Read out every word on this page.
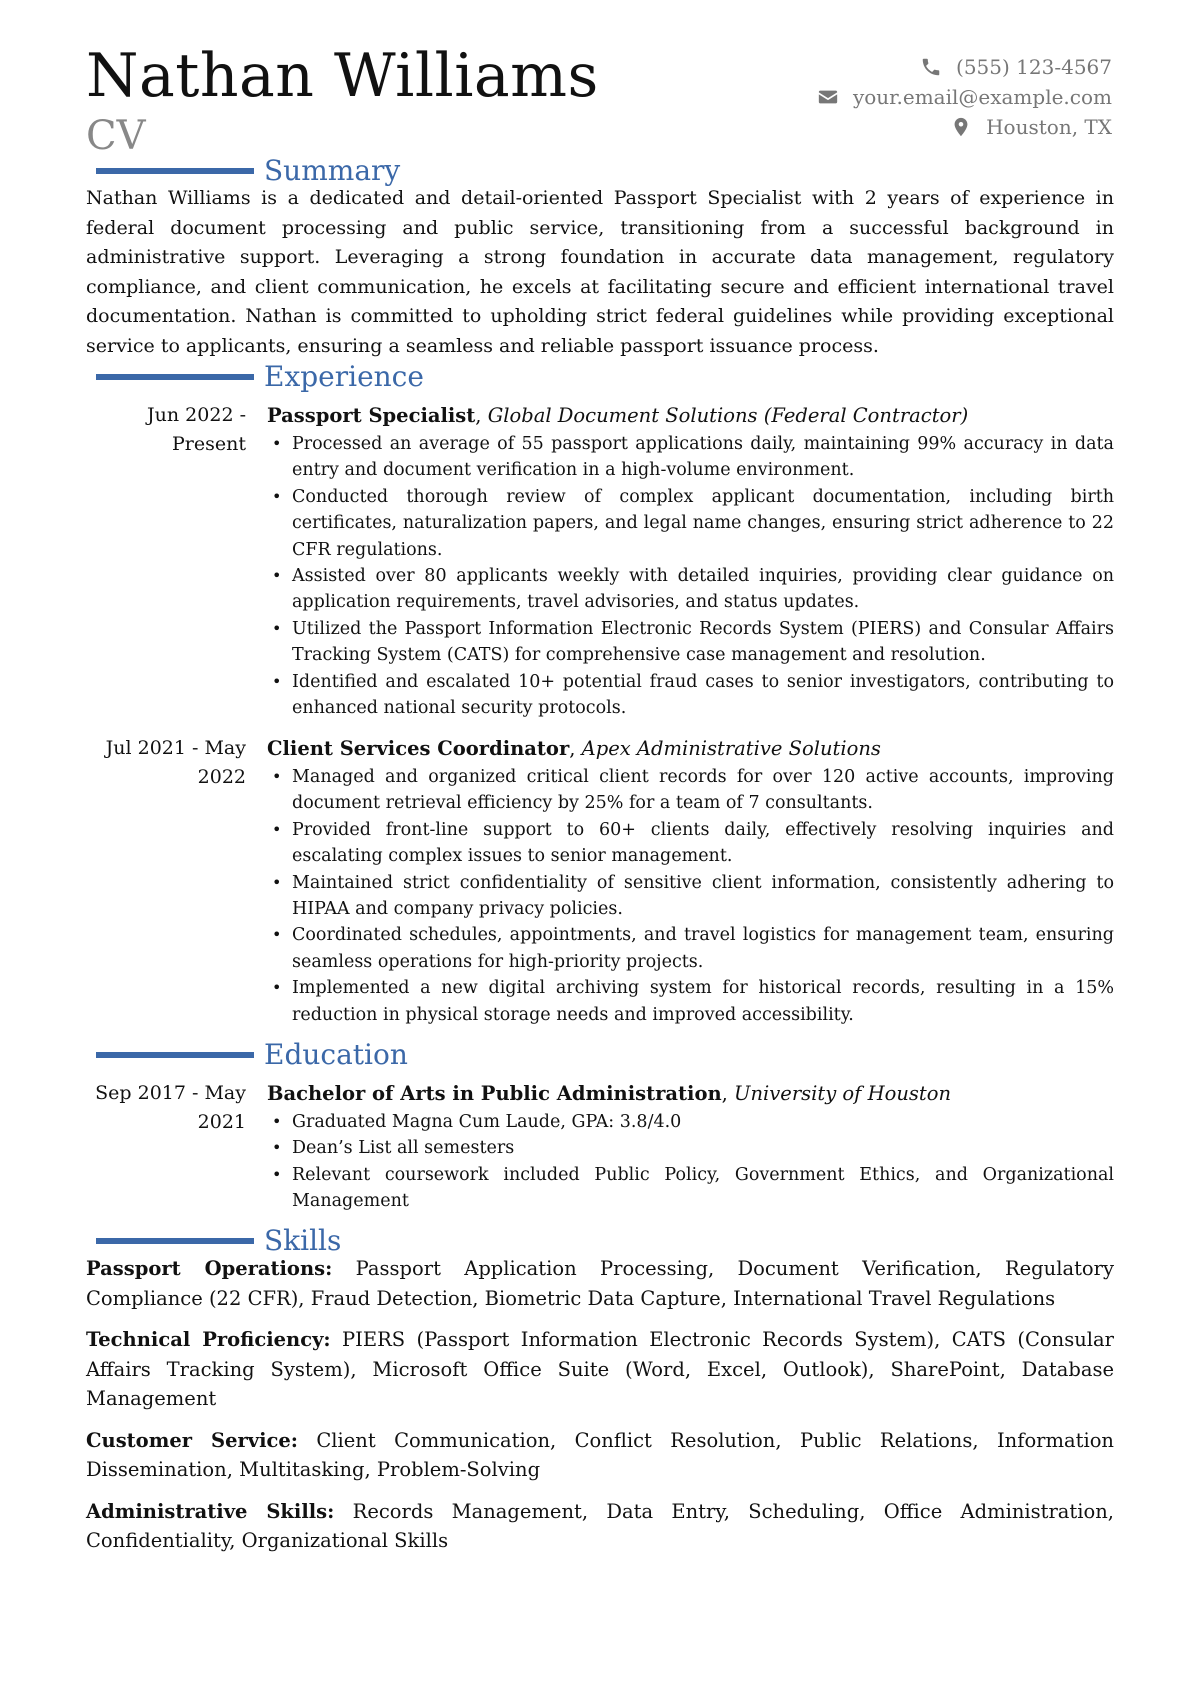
Nathan Williams
CV
(555) 123-4567
your.email@example.com
Houston, TX
Summary
Nathan Williams is a dedicated and detail-oriented Passport Specialist with 2 years of experience in federal document processing and public service, transitioning from a successful background in administrative support. Leveraging a strong foundation in accurate data management, regulatory compliance, and client communication, he excels at facilitating secure and efficient international travel documentation. Nathan is committed to upholding strict federal guidelines while providing exceptional service to applicants, ensuring a seamless and reliable passport issuance process.
Experience
Jun 2022 - Present
Passport Specialist, Global Document Solutions (Federal Contractor)
• Processed an average of 55 passport applications daily, maintaining 99% accuracy in data entry and document verification in a high-volume environment.
• Conducted thorough review of complex applicant documentation, including birth certificates, naturalization papers, and legal name changes, ensuring strict adherence to 22 CFR regulations.
• Assisted over 80 applicants weekly with detailed inquiries, providing clear guidance on application requirements, travel advisories, and status updates.
• Utilized the Passport Information Electronic Records System (PIERS) and Consular Affairs Tracking System (CATS) for comprehensive case management and resolution.
• Identified and escalated 10+ potential fraud cases to senior investigators, contributing to enhanced national security protocols.
Jul 2021 - May 2022
Client Services Coordinator, Apex Administrative Solutions
• Managed and organized critical client records for over 120 active accounts, improving document retrieval efficiency by 25% for a team of 7 consultants.
• Provided front-line support to 60+ clients daily, effectively resolving inquiries and escalating complex issues to senior management.
• Maintained strict confidentiality of sensitive client information, consistently adhering to HIPAA and company privacy policies.
• Coordinated schedules, appointments, and travel logistics for management team, ensuring seamless operations for high-priority projects.
• Implemented a new digital archiving system for historical records, resulting in a 15% reduction in physical storage needs and improved accessibility.
Education
Sep 2017 - May 2021
Bachelor of Arts in Public Administration, University of Houston
• Graduated Magna Cum Laude, GPA: 3.8/4.0
• Dean’s List all semesters
• Relevant coursework included Public Policy, Government Ethics, and Organizational Management
Skills
Passport Operations: Passport Application Processing, Document Verification, Regulatory Compliance (22 CFR), Fraud Detection, Biometric Data Capture, International Travel Regulations
Technical Proficiency: PIERS (Passport Information Electronic Records System), CATS (Consular Affairs Tracking System), Microsoft Office Suite (Word, Excel, Outlook), SharePoint, Database Management
Customer Service: Client Communication, Conflict Resolution, Public Relations, Information Dissemination, Multitasking, Problem-Solving
Administrative Skills: Records Management, Data Entry, Scheduling, Office Administration, Confidentiality, Organizational Skills
